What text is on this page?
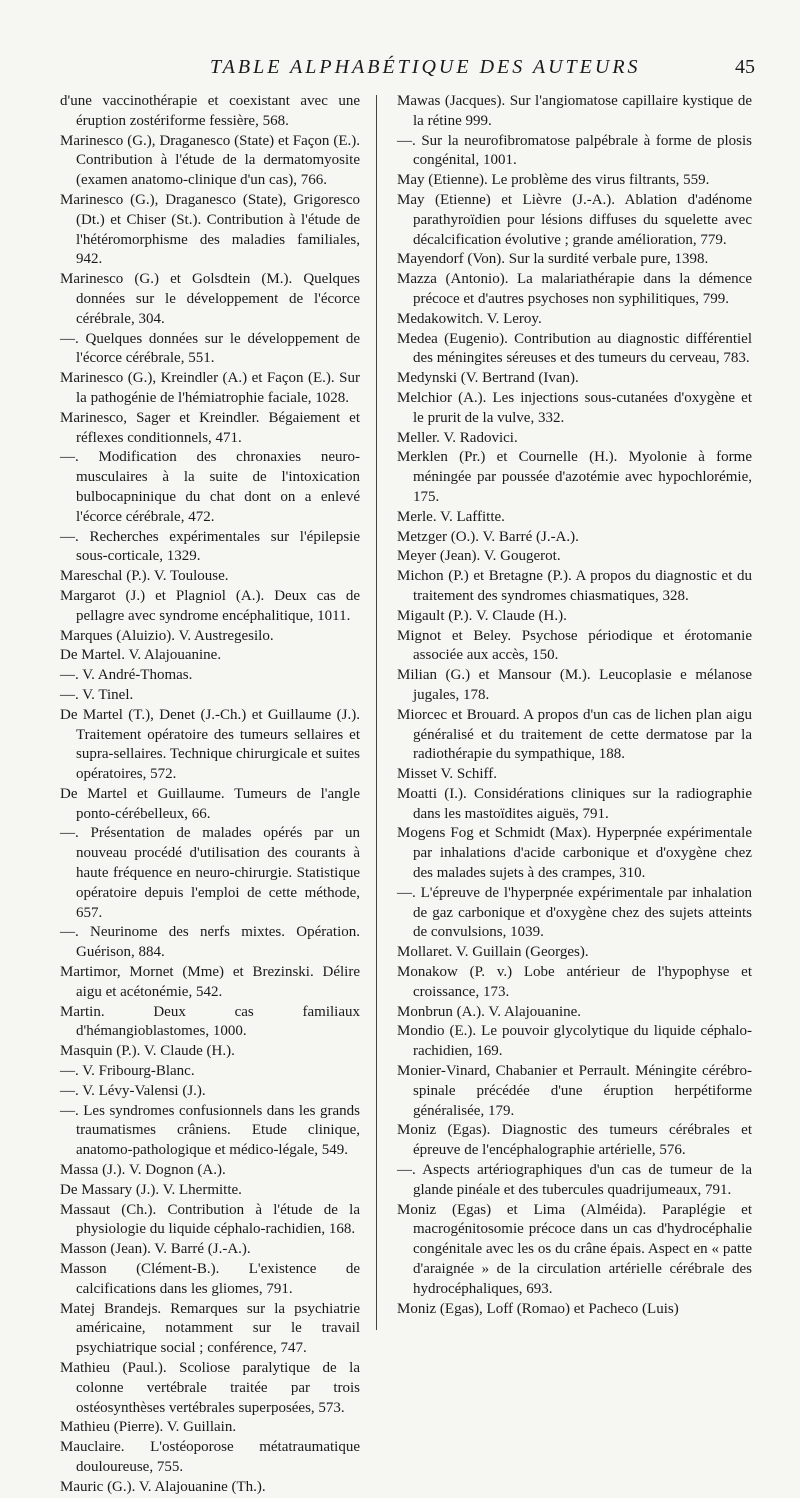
TABLE ALPHABÉTIQUE DES AUTEURS	45

d'une vaccinothérapie et coexistant avec une éruption zostériforme fessière, 568.

Marinesco (G.), Draganesco (State) et Façon (E.). Contribution à l'étude de la dermatomyosite (examen anatomo-clinique d'un cas), 766.

Marinesco (G.), Draganesco (State), Grigoresco (Dt.) et Chiser (St.). Contribution à l'étude de l'hétéromorphisme des maladies familiales, 942.

Marinesco (G.) et Golsdtein (M.). Quelques données sur le développement de l'écorce cérébrale, 304.

—. Quelques données sur le développement de l'écorce cérébrale, 551.

Marinesco (G.), Kreindler (A.) et Façon (E.). Sur la pathogénie de l'hémiatrophie faciale, 1028.

Marinesco, Sager et Kreindler. Bégaiement et réflexes conditionnels, 471.

—. Modification des chronaxies neuro-musculaires à la suite de l'intoxication bulbocapninique du chat dont on a enlevé l'écorce cérébrale, 472.

—. Recherches expérimentales sur l'épilepsie sous-corticale, 1329.

Mareschal (P.). V. Toulouse.

Margarot (J.) et Plagniol (A.). Deux cas de pellagre avec syndrome encéphalitique, 1011.

Marques (Aluizio). V. Austregesilo.

De Martel. V. Alajouanine.

—. V. André-Thomas.

—. V. Tinel.

De Martel (T.), Denet (J.-Ch.) et Guillaume (J.). Traitement opératoire des tumeurs sellaires et supra-sellaires. Technique chirurgicale et suites opératoires, 572.

De Martel et Guillaume. Tumeurs de l'angle ponto-cérébelleux, 66.

—. Présentation de malades opérés par un nouveau procédé d'utilisation des courants à haute fréquence en neuro-chirurgie. Statistique opératoire depuis l'emploi de cette méthode, 657.

—. Neurinome des nerfs mixtes. Opération. Guérison, 884.

Martimor, Mornet (Mme) et Brezinski. Délire aigu et acétonémie, 542.

Martin. Deux cas familiaux d'hémangioblastomes, 1000.

Masquin (P.). V. Claude (H.).

—. V. Fribourg-Blanc.

—. V. Lévy-Valensi (J.).

—. Les syndromes confusionnels dans les grands traumatismes crâniens. Etude clinique, anatomo-pathologique et médico-légale, 549.

Massa (J.). V. Dognon (A.).

De Massary (J.). V. Lhermitte.

Massaut (Ch.). Contribution à l'étude de la physiologie du liquide céphalo-rachidien, 168.

Masson (Jean). V. Barré (J.-A.).

Masson (Clément-B.). L'existence de calcifications dans les gliomes, 791.

Matej Brandejs. Remarques sur la psychiatrie américaine, notamment sur le travail psychiatrique social ; conférence, 747.

Mathieu (Paul.). Scoliose paralytique de la colonne vertébrale traitée par trois ostéosynthèses vertébrales superposées, 573.

Mathieu (Pierre). V. Guillain.

Mauclaire. L'ostéoporose métatraumatique douloureuse, 755.

Mauric (G.). V. Alajouanine (Th.).

Mawas (Jacques). Sur l'angiomatose capillaire kystique de la rétine 999.

—. Sur la neurofibromatose palpébrale à forme de plosis congénital, 1001.

May (Etienne). Le problème des virus filtrants, 559.

May (Etienne) et Lièvre (J.-A.). Ablation d'adénome parathyroïdien pour lésions diffuses du squelette avec décalcification évolutive ; grande amélioration, 779.

Mayendorf (Von). Sur la surdité verbale pure, 1398.

Mazza (Antonio). La malariathérapie dans la démence précoce et d'autres psychoses non syphilitiques, 799.

Medakowitch. V. Leroy.

Medea (Eugenio). Contribution au diagnostic différentiel des méningites séreuses et des tumeurs du cerveau, 783.

Medynski (V. Bertrand (Ivan).

Melchior (A.). Les injections sous-cutanées d'oxygène et le prurit de la vulve, 332.

Meller. V. Radovici.

Merklen (Pr.) et Cournelle (H.). Myolonie à forme méningée par poussée d'azotémie avec hypochlorémie, 175.

Merle. V. Laffitte.

Metzger (O.). V. Barré (J.-A.).

Meyer (Jean). V. Gougerot.

Michon (P.) et Bretagne (P.). A propos du diagnostic et du traitement des syndromes chiasmatiques, 328.

Migault (P.). V. Claude (H.).

Mignot et Beley. Psychose périodique et érotomanie associée aux accès, 150.

Milian (G.) et Mansour (M.). Leucoplasie e mélanose jugales, 178.

Miorcec et Brouard. A propos d'un cas de lichen plan aigu généralisé et du traitement de cette dermatose par la radiothérapie du sympathique, 188.

Misset V. Schiff.

Moatti (I.). Considérations cliniques sur la radiographie dans les mastoïdites aiguës, 791.

Mogens Fog et Schmidt (Max). Hyperpnée expérimentale par inhalations d'acide carbonique et d'oxygène chez des malades sujets à des crampes, 310.

—. L'épreuve de l'hyperpnée expérimentale par inhalation de gaz carbonique et d'oxygène chez des sujets atteints de convulsions, 1039.

Mollaret. V. Guillain (Georges).

Monakow (P. v.) Lobe antérieur de l'hypophyse et croissance, 173.

Monbrun (A.). V. Alajouanine.

Mondio (E.). Le pouvoir glycolytique du liquide céphalo-rachidien, 169.

Monier-Vinard, Chabanier et Perrault. Méningite cérébro-spinale précédée d'une éruption herpétiforme généralisée, 179.

Moniz (Egas). Diagnostic des tumeurs cérébrales et épreuve de l'encéphalographie artérielle, 576.

—. Aspects artériographiques d'un cas de tumeur de la glande pinéale et des tubercules quadrijumeaux, 791.

Moniz (Egas) et Lima (Alméida). Paraplégie et macrogénitosomie précoce dans un cas d'hydrocéphalie congénitale avec les os du crâne épais. Aspect en « patte d'araignée » de la circulation artérielle cérébrale des hydrocéphaliques, 693.

Moniz (Egas), Loff (Romao) et Pacheco (Luis)
